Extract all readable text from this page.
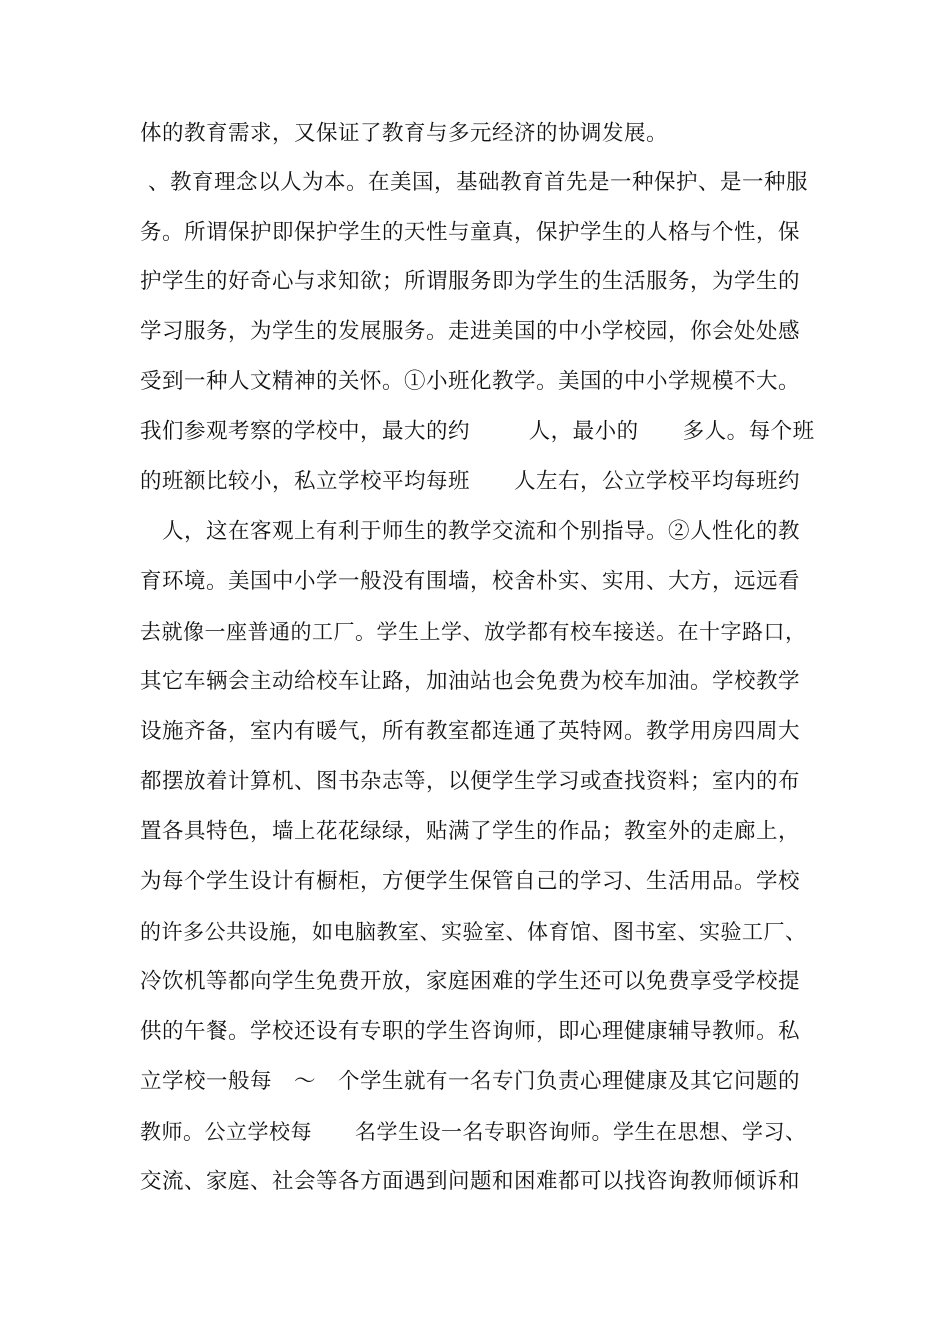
体的教育需求，又保证了教育与多元经济的协调发展。
、教育理念以人为本。在美国，基础教育首先是一种保护、是一种服
务。所谓保护即保护学生的天性与童真，保护学生的人格与个性，保
护学生的好奇心与求知欲；所谓服务即为学生的生活服务，为学生的
学习服务，为学生的发展服务。走进美国的中小学校园，你会处处感
受到一种人文精神的关怀。①小班化教学。美国的中小学规模不大。
我们参观考察的学校中，最大的约        人，最小的      多人。每个班
的班额比较小，私立学校平均每班      人左右，公立学校平均每班约
人，这在客观上有利于师生的教学交流和个别指导。②人性化的教
育环境。美国中小学一般没有围墙，校舍朴实、实用、大方，远远看
去就像一座普通的工厂。学生上学、放学都有校车接送。在十字路口，
其它车辆会主动给校车让路，加油站也会免费为校车加油。学校教学
设施齐备，室内有暖气，所有教室都连通了英特网。教学用房四周大
都摆放着计算机、图书杂志等，以便学生学习或查找资料；室内的布
置各具特色，墙上花花绿绿，贴满了学生的作品；教室外的走廊上，
为每个学生设计有橱柜，方便学生保管自己的学习、生活用品。学校
的许多公共设施，如电脑教室、实验室、体育馆、图书室、实验工厂、
冷饮机等都向学生免费开放，家庭困难的学生还可以免费享受学校提
供的午餐。学校还设有专职的学生咨询师，即心理健康辅导教师。私
立学校一般每   ～   个学生就有一名专门负责心理健康及其它问题的
教师。公立学校每      名学生设一名专职咨询师。学生在思想、学习、
交流、家庭、社会等各方面遇到问题和困难都可以找咨询教师倾诉和
